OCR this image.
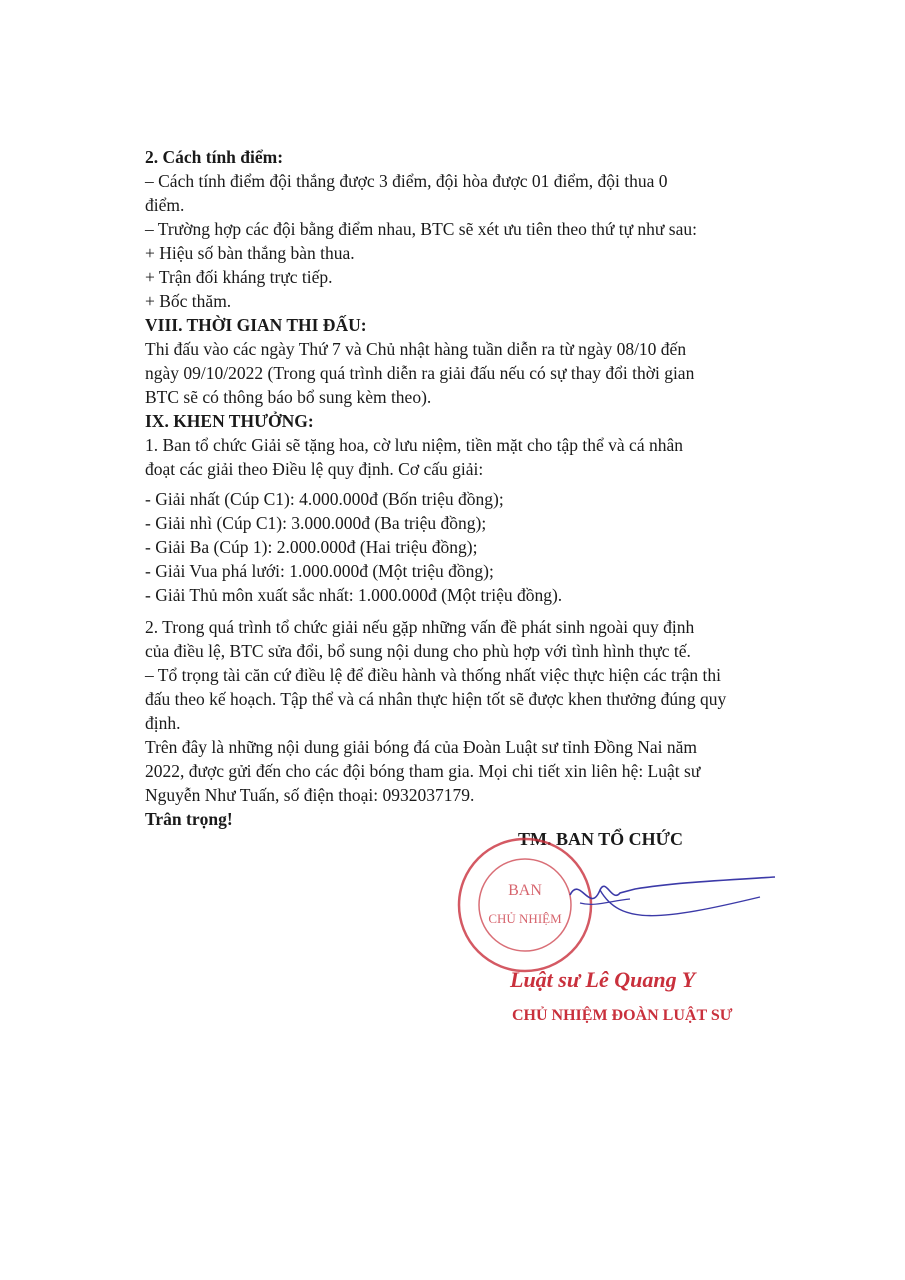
2. Cách tính điểm:
– Cách tính điểm đội thắng được 3 điểm, đội hòa được 01 điểm, đội thua 0
điểm.
– Trường hợp các đội bằng điểm nhau, BTC sẽ xét ưu tiên theo thứ tự như sau:
+ Hiệu số bàn thắng bàn thua.
+ Trận đối kháng trực tiếp.
+ Bốc thăm.
VIII. THỜI GIAN THI ĐẤU:
Thi đấu vào các ngày Thứ 7 và Chủ nhật hàng tuần diễn ra từ ngày 08/10 đến
ngày 09/10/2022 (Trong quá trình diễn ra giải đấu nếu có sự thay đổi thời gian
BTC sẽ có thông báo bổ sung kèm theo).
IX. KHEN THƯỞNG:
1. Ban tổ chức Giải sẽ tặng hoa, cờ lưu niệm, tiền mặt cho tập thể và cá nhân
đoạt các giải theo Điều lệ quy định. Cơ cấu giải:
- Giải nhất (Cúp C1): 4.000.000đ (Bốn triệu đồng);
- Giải nhì (Cúp C1): 3.000.000đ (Ba triệu đồng);
- Giải Ba (Cúp 1): 2.000.000đ (Hai triệu đồng);
- Giải Vua phá lưới: 1.000.000đ (Một triệu đồng);
- Giải Thủ môn xuất sắc nhất: 1.000.000đ (Một triệu đồng).
2. Trong quá trình tổ chức giải nếu gặp những vấn đề phát sinh ngoài quy định
của điều lệ, BTC sửa đổi, bổ sung nội dung cho phù hợp với tình hình thực tế.
– Tổ trọng tài căn cứ điều lệ để điều hành và thống nhất việc thực hiện các trận thi
đấu theo kế hoạch. Tập thể và cá nhân thực hiện tốt sẽ được khen thưởng đúng quy
định.
Trên đây là những nội dung giải bóng đá của Đoàn Luật sư tỉnh Đồng Nai năm
2022, được gửi đến cho các đội bóng tham gia. Mọi chi tiết xin liên hệ: Luật sư
Nguyễn Như Tuấn, số điện thoại: 0932037179.
Trân trọng!
TM. BAN TỔ CHỨC
BAN
CHỦ NHIỆM
Luật sư Lê Quang Y
CHỦ NHIỆM ĐOÀN LUẬT SƯ
